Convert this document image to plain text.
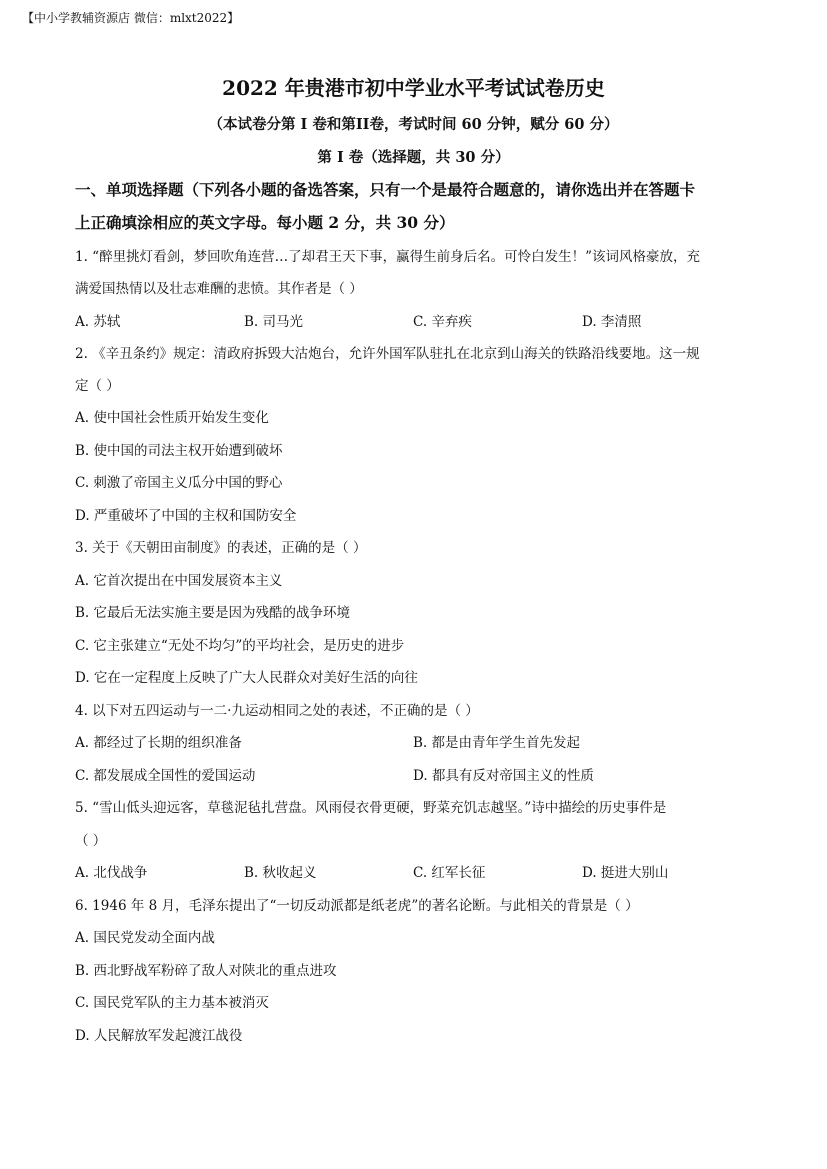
【中小学教辅资源店 微信：mlxt2022】
2022 年贵港市初中学业水平考试试卷历史
（本试卷分第 I 卷和第II卷，考试时间 60 分钟，赋分 60 分）
第 I 卷（选择题，共 30 分）
一、单项选择题（下列各小题的备选答案，只有一个是最符合题意的，请你选出并在答题卡
上正确填涂相应的英文字母。每小题 2 分，共 30 分）
1. “醉里挑灯看剑，梦回吹角连营…了却君王天下事，赢得生前身后名。可怜白发生！”该词风格豪放，充
满爱国热情以及壮志难酬的悲愤。其作者是（ ）
A. 苏轼	B. 司马光	C. 辛弃疾	D. 李清照
2. 《辛丑条约》规定：清政府拆毁大沽炮台，允许外国军队驻扎在北京到山海关的铁路沿线要地。这一规
定（ ）
A. 使中国社会性质开始发生变化
B. 使中国的司法主权开始遭到破坏
C. 刺激了帝国主义瓜分中国的野心
D. 严重破坏了中国的主权和国防安全
3. 关于《天朝田亩制度》的表述，正确的是（ ）
A. 它首次提出在中国发展资本主义
B. 它最后无法实施主要是因为残酷的战争环境
C. 它主张建立“无处不均匀”的平均社会，是历史的进步
D. 它在一定程度上反映了广大人民群众对美好生活的向往
4. 以下对五四运动与一二·九运动相同之处的表述，不正确的是（ ）
A. 都经过了长期的组织准备	B. 都是由青年学生首先发起
C. 都发展成全国性的爱国运动	D. 都具有反对帝国主义的性质
5. “雪山低头迎远客，草毯泥毡扎营盘。风雨侵衣骨更硬，野菜充饥志越坚。”诗中描绘的历史事件是
（ ）
A. 北伐战争	B. 秋收起义	C. 红军长征	D. 挺进大别山
6. 1946 年 8 月，毛泽东提出了“一切反动派都是纸老虎”的著名论断。与此相关的背景是（ ）
A. 国民党发动全面内战
B. 西北野战军粉碎了敌人对陕北的重点进攻
C. 国民党军队的主力基本被消灭
D. 人民解放军发起渡江战役
